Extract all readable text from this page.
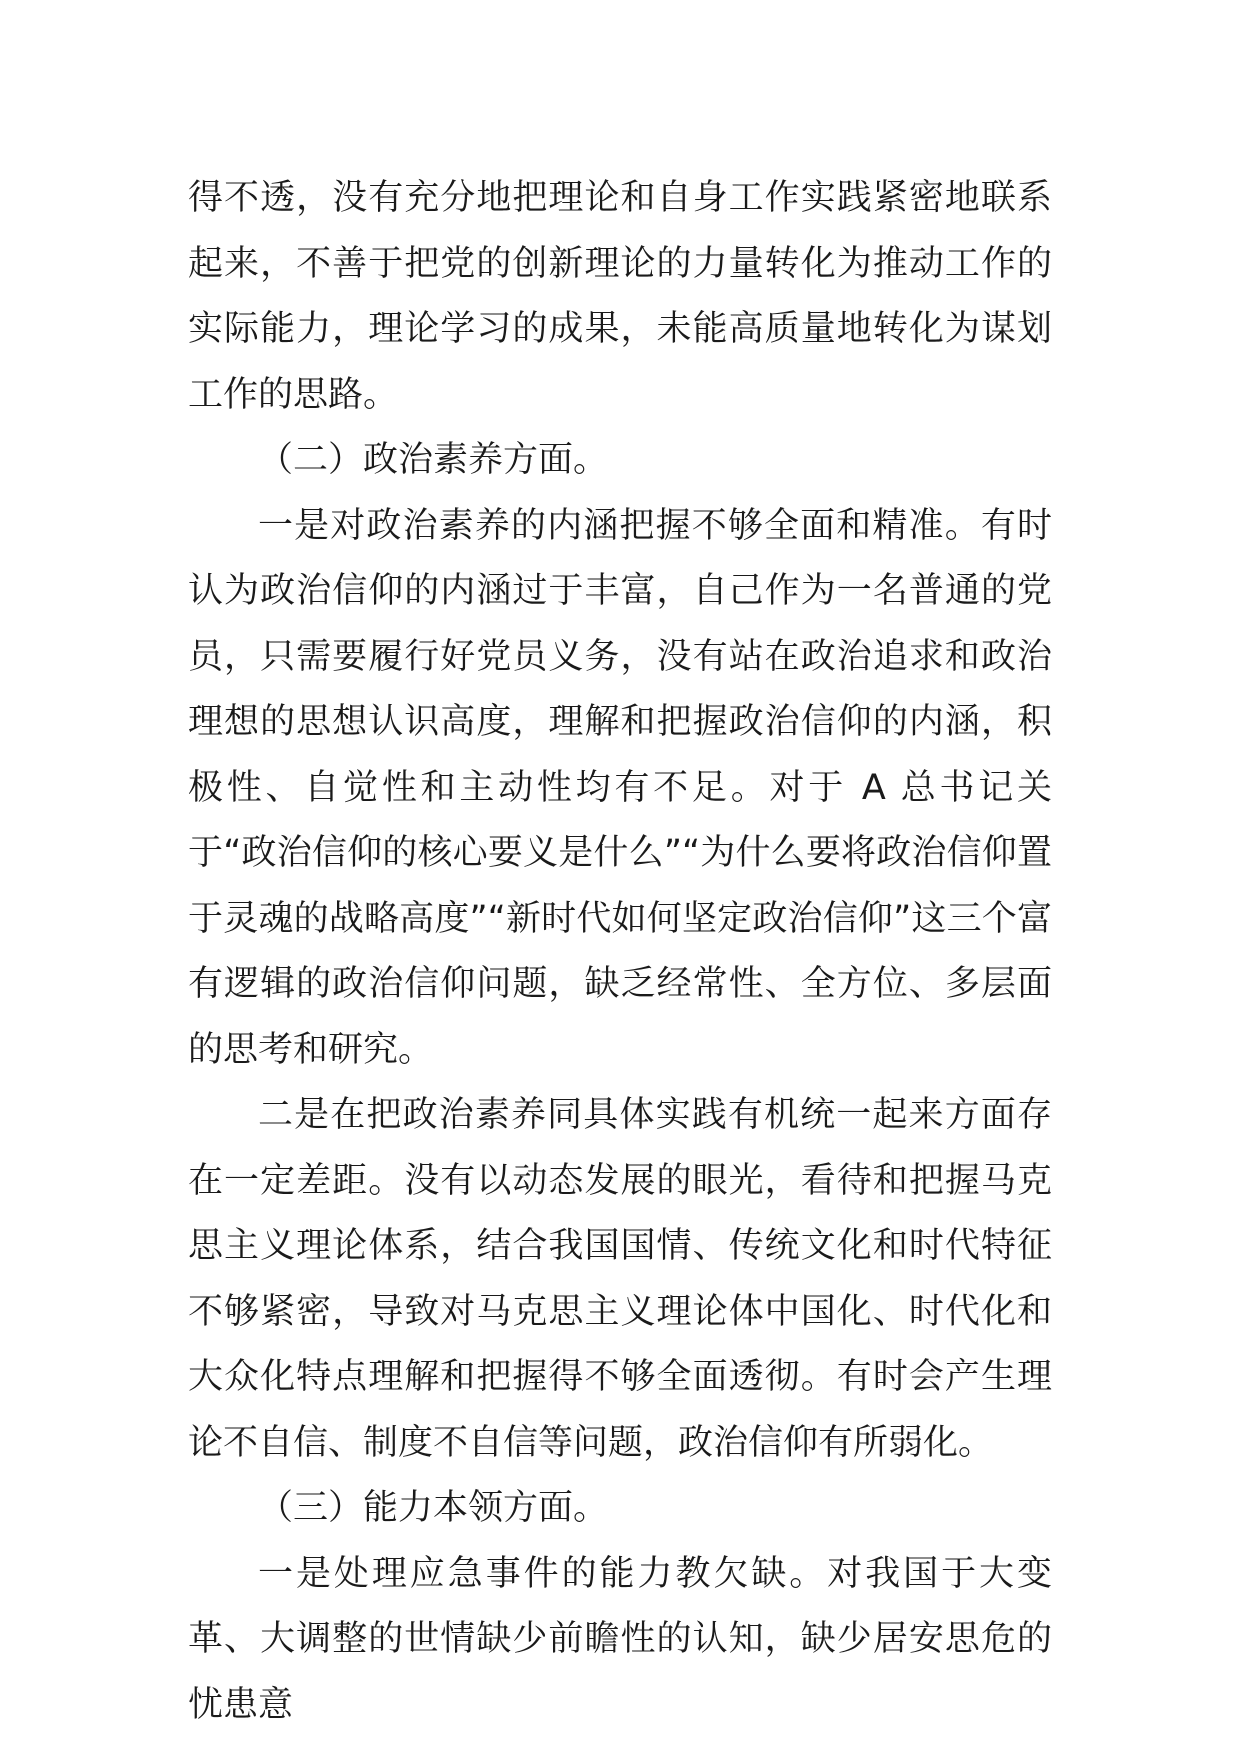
得不透，没有充分地把理论和自身工作实践紧密地联系起来，不善于把党的创新理论的力量转化为推动工作的实际能力，理论学习的成果，未能高质量地转化为谋划工作的思路。

（二）政治素养方面。

一是对政治素养的内涵把握不够全面和精准。有时认为政治信仰的内涵过于丰富，自己作为一名普通的党员，只需要履行好党员义务，没有站在政治追求和政治理想的思想认识高度，理解和把握政治信仰的内涵，积极性、自觉性和主动性均有不足。对于 A 总书记关于“政治信仰的核心要义是什么”“为什么要将政治信仰置于灵魂的战略高度”“新时代如何坚定政治信仰”这三个富有逻辑的政治信仰问题，缺乏经常性、全方位、多层面的思考和研究。

二是在把政治素养同具体实践有机统一起来方面存在一定差距。没有以动态发展的眼光，看待和把握马克思主义理论体系，结合我国国情、传统文化和时代特征不够紧密，导致对马克思主义理论体中国化、时代化和大众化特点理解和把握得不够全面透彻。有时会产生理论不自信、制度不自信等问题，政治信仰有所弱化。

（三）能力本领方面。

一是处理应急事件的能力教欠缺。对我国于大变革、大调整的世情缺少前瞻性的认知，缺少居安思危的忧患意
